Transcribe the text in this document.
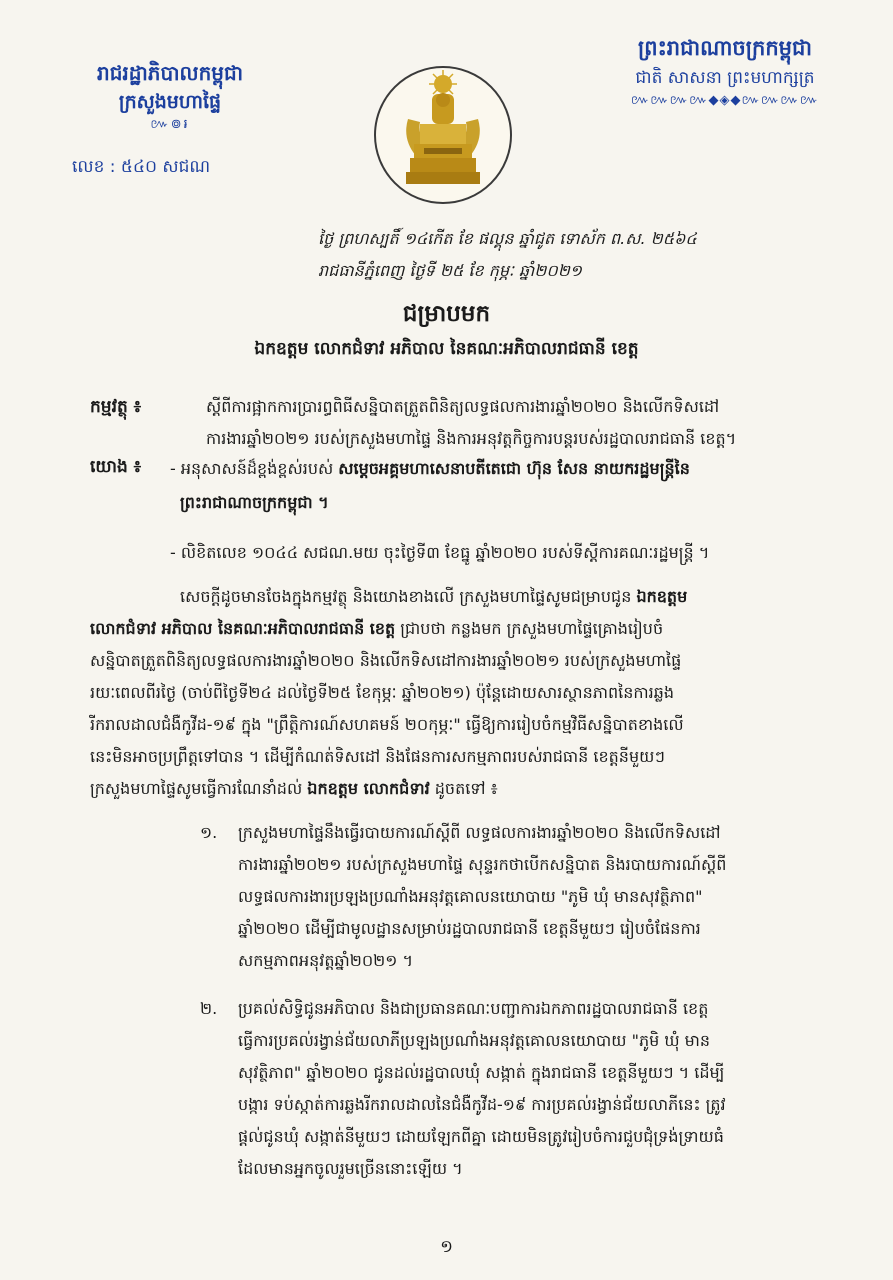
រាជរដ្ឋាភិបាលកម្ពុជា
ក្រសួងមហាផ្ទៃ
៚៙៛
លេខ : ៥៤០ សជណ
ព្រះរាជាណាចក្រកម្ពុជា
ជាតិ សាសនា ព្រះមហាក្សត្រ
៚៚៚៚◆◈◆៚៚៚៚
ថ្ងៃ ព្រហស្បតិ៍ ១៤កើត ខែ ផល្គុន ឆ្នាំជូត ទោស័ក ព.ស. ២៥៦៤
រាជធានីភ្នំពេញ ថ្ងៃទី ២៥ ខែ កុម្ភៈ ឆ្នាំ២០២១
ជម្រាបមក
ឯកឧត្តម លោកជំទាវ អភិបាល នៃគណៈអភិបាលរាជធានី ខេត្ត
កម្មវត្ថុ ៖	ស្តីពីការផ្អាកការប្រារព្ធពិធីសន្និបាតត្រួតពិនិត្យលទ្ធផលការងារឆ្នាំ២០២០ និងលើកទិសដៅ
ការងារឆ្នាំ២០២១ របស់ក្រសួងមហាផ្ទៃ និងការអនុវត្តកិច្ចការបន្តរបស់រដ្ឋបាលរាជធានី ខេត្ត។
យោង ៖ - អនុសាសន៍ដ៏ខ្ពង់ខ្ពស់របស់ សម្តេចអគ្គមហាសេនាបតីតេជោ ហ៊ុន សែន នាយករដ្ឋមន្ត្រីនៃ
ព្រះរាជាណាចក្រកម្ពុជា ។
- លិខិតលេខ ១០៤៤ សជណ.មយ ចុះថ្ងៃទី៣ ខែធ្នូ ឆ្នាំ២០២០ របស់ទីស្តីការគណៈរដ្ឋមន្ត្រី ។
សេចក្តីដូចមានចែងក្នុងកម្មវត្ថុ និងយោងខាងលើ ក្រសួងមហាផ្ទៃសូមជម្រាបជូន ឯកឧត្តម
លោកជំទាវ អភិបាល នៃគណៈអភិបាលរាជធានី ខេត្ត ជ្រាបថា កន្លងមក ក្រសួងមហាផ្ទៃគ្រោងរៀបចំ
សន្និបាតត្រួតពិនិត្យលទ្ធផលការងារឆ្នាំ២០២០ និងលើកទិសដៅការងារឆ្នាំ២០២១ របស់ក្រសួងមហាផ្ទៃ
រយៈពេលពីរថ្ងៃ (ចាប់ពីថ្ងៃទី២៤ ដល់ថ្ងៃទី២៥ ខែកុម្ភៈ ឆ្នាំ២០២១) ប៉ុន្តែដោយសារស្ថានភាពនៃការឆ្លង
រីករាលដាលជំងឺកូវីដ-១៩ ក្នុង "ព្រឹត្តិការណ៍សហគមន៍ ២០កុម្ភៈ" ធ្វើឱ្យការរៀបចំកម្មវិធីសន្និបាតខាងលើ
នេះមិនអាចប្រព្រឹត្តទៅបាន ។ ដើម្បីកំណត់ទិសដៅ និងផែនការសកម្មភាពរបស់រាជធានី ខេត្តនីមួយៗ
ក្រសួងមហាផ្ទៃសូមធ្វើការណែនាំដល់ ឯកឧត្តម លោកជំទាវ ដូចតទៅ ៖
១. ក្រសួងមហាផ្ទៃនឹងធ្វើរបាយការណ៍ស្តីពី លទ្ធផលការងារឆ្នាំ២០២០ និងលើកទិសដៅ
ការងារឆ្នាំ២០២១ របស់ក្រសួងមហាផ្ទៃ សុន្ទរកថាបើកសន្និបាត និងរបាយការណ៍ស្តីពី
លទ្ធផលការងារប្រឡងប្រណាំងអនុវត្តគោលនយោបាយ "ភូមិ ឃុំ មានសុវត្ថិភាព"
ឆ្នាំ២០២០ ដើម្បីជាមូលដ្ឋានសម្រាប់រដ្ឋបាលរាជធានី ខេត្តនីមួយៗ រៀបចំផែនការ
សកម្មភាពអនុវត្តឆ្នាំ២០២១ ។
២. ប្រគល់សិទ្ធិជូនអភិបាល និងជាប្រធានគណៈបញ្ជាការឯកភាពរដ្ឋបាលរាជធានី ខេត្ត
ធ្វើការប្រគល់រង្វាន់ជ័យលាភីប្រឡងប្រណាំងអនុវត្តគោលនយោបាយ "ភូមិ ឃុំ មាន
សុវត្ថិភាព" ឆ្នាំ២០២០ ជូនដល់រដ្ឋបាលឃុំ សង្កាត់ ក្នុងរាជធានី ខេត្តនីមួយៗ ។ ដើម្បី
បង្ការ ទប់ស្កាត់ការឆ្លងរីករាលដាលនៃជំងឺកូវីដ-១៩ ការប្រគល់រង្វាន់ជ័យលាភីនេះ ត្រូវ
ផ្តល់ជូនឃុំ សង្កាត់នីមួយៗ ដោយឡែកពីគ្នា ដោយមិនត្រូវរៀបចំការជួបជុំទ្រង់ទ្រាយធំ
ដែលមានអ្នកចូលរួមច្រើននោះឡើយ ។
១
